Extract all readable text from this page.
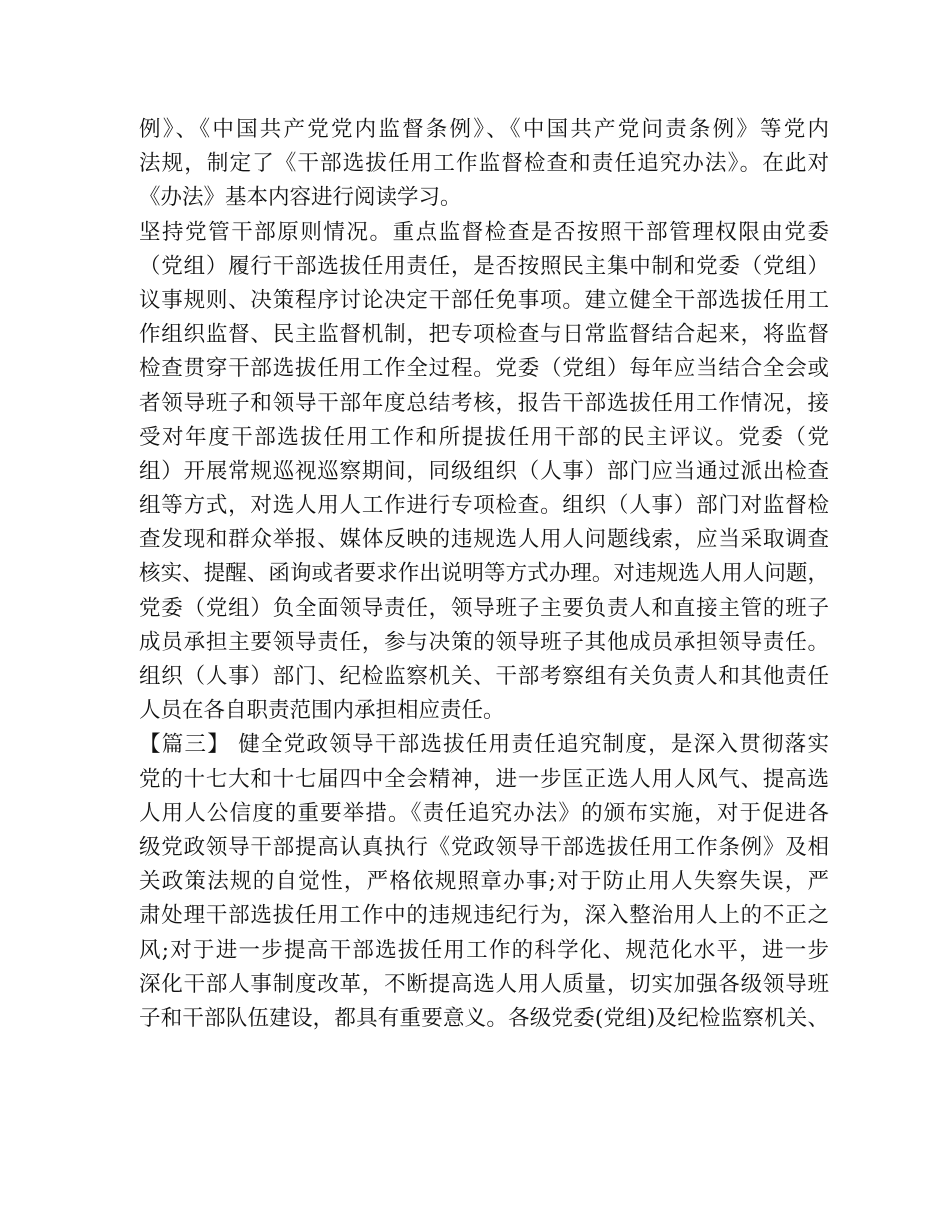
例》、《中国共产党党内监督条例》、《中国共产党问责条例》等党内
法规，制定了《干部选拔任用工作监督检查和责任追究办法》。在此对
《办法》基本内容进行阅读学习。
坚持党管干部原则情况。重点监督检查是否按照干部管理权限由党委
（党组）履行干部选拔任用责任，是否按照民主集中制和党委（党组）
议事规则、决策程序讨论决定干部任免事项。建立健全干部选拔任用工
作组织监督、民主监督机制，把专项检查与日常监督结合起来，将监督
检查贯穿干部选拔任用工作全过程。党委（党组）每年应当结合全会或
者领导班子和领导干部年度总结考核，报告干部选拔任用工作情况，接
受对年度干部选拔任用工作和所提拔任用干部的民主评议。党委（党
组）开展常规巡视巡察期间，同级组织（人事）部门应当通过派出检查
组等方式，对选人用人工作进行专项检查。组织（人事）部门对监督检
查发现和群众举报、媒体反映的违规选人用人问题线索，应当采取调查
核实、提醒、函询或者要求作出说明等方式办理。对违规选人用人问题，
党委（党组）负全面领导责任，领导班子主要负责人和直接主管的班子
成员承担主要领导责任，参与决策的领导班子其他成员承担领导责任。
组织（人事）部门、纪检监察机关、干部考察组有关负责人和其他责任
人员在各自职责范围内承担相应责任。
【篇三】 健全党政领导干部选拔任用责任追究制度，是深入贯彻落实
党的十七大和十七届四中全会精神，进一步匡正选人用人风气、提高选
人用人公信度的重要举措。《责任追究办法》的颁布实施，对于促进各
级党政领导干部提高认真执行《党政领导干部选拔任用工作条例》及相
关政策法规的自觉性，严格依规照章办事;对于防止用人失察失误，严
肃处理干部选拔任用工作中的违规违纪行为，深入整治用人上的不正之
风;对于进一步提高干部选拔任用工作的科学化、规范化水平，进一步
深化干部人事制度改革，不断提高选人用人质量，切实加强各级领导班
子和干部队伍建设，都具有重要意义。各级党委(党组)及纪检监察机关、
